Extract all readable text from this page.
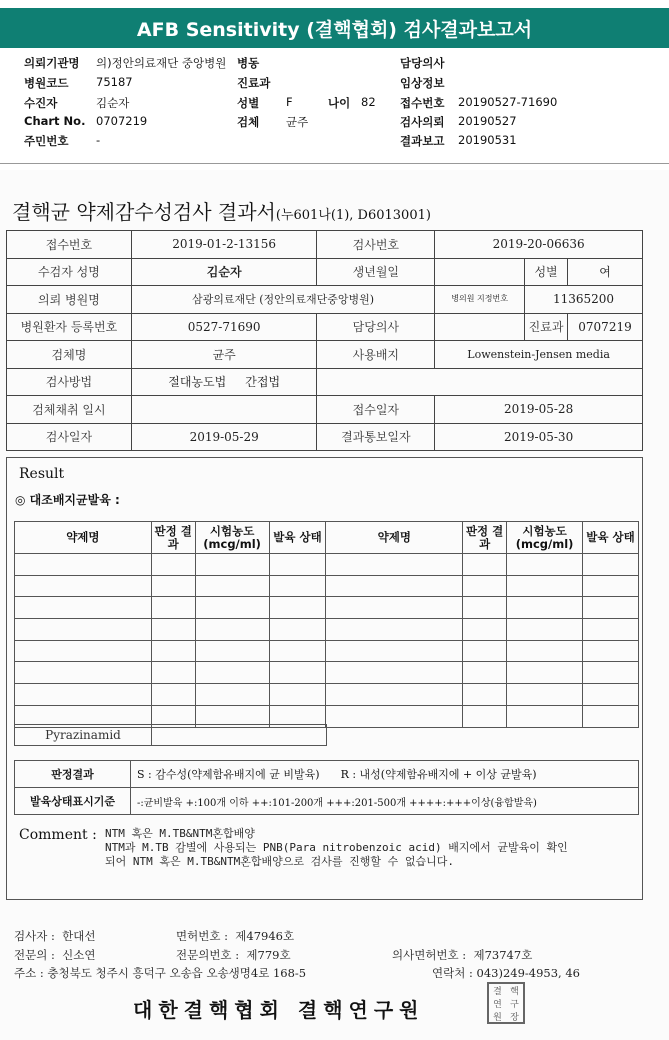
AFB Sensitivity (결핵협회) 검사결과보고서
의뢰기관명 의)정안의료재단 중앙병원 병동	담당의사
병원코드 75187	진료과	임상정보
수진자	김순자	성별 F	나이 82 접수번호 20190527-71690
Chart No. 0707219	검체 균주	검사의뢰 20190527
주민번호 -	결과보고 20190531
결핵균 약제감수성검사 결과서(누601나(1), D6013001)
접수번호	2019-01-2-13156	검사번호	2019-20-06636		
수검자 성명	김순자	생년월일		성별	여
의뢰 병원명	삼광의료재단 (정안의료재단중앙병원)		병의원 지정번호	11365200	
병원환자 등록번호	0527-71690	담당의사		진료과	0707219
검체명	균주	사용배지	Lowenstein-Jensen media		
검사방법	절대농도법 간접법				
검체채취 일시		접수일자	2019-05-28		
검사일자	2019-05-29	결과통보일자	2019-05-30		
Result
◎ 대조배지균발육 :
약제명	판정 결과	시험농도 (mcg/ml)	발육 상태	약제명	판정 결과	시험농도 (mcg/ml)	발육 상태

Pyrazinamid
판정결과	S : 감수성(약제함유배지에 균 비발육) R : 내성(약제함유배지에 + 이상 균발육)
발육상태표시기준	-:균비발육 +:100개 이하 ++:101-200개 +++:201-500개 ++++:+++이상(융합발육)
Comment : NTM 혹은 M.TB&NTM혼합배양
NTM과 M.TB 감별에 사용되는 PNB(Para nitrobenzoic acid) 배지에서 균발육이 확인
되어 NTM 혹은 M.TB&NTM혼합배양으로 검사를 진행할 수 없습니다.
검사자 : 한대선	면허번호 : 제47946호
전문의 : 신소연	전문의번호 : 제779호	의사면허번호 : 제73747호
주소 : 충청북도 청주시 흥덕구 오송읍 오송생명4로 168-5	연락처 : 043)249-4953, 46
대한결핵협회 결핵연구원
결 핵
연 구
원 장
